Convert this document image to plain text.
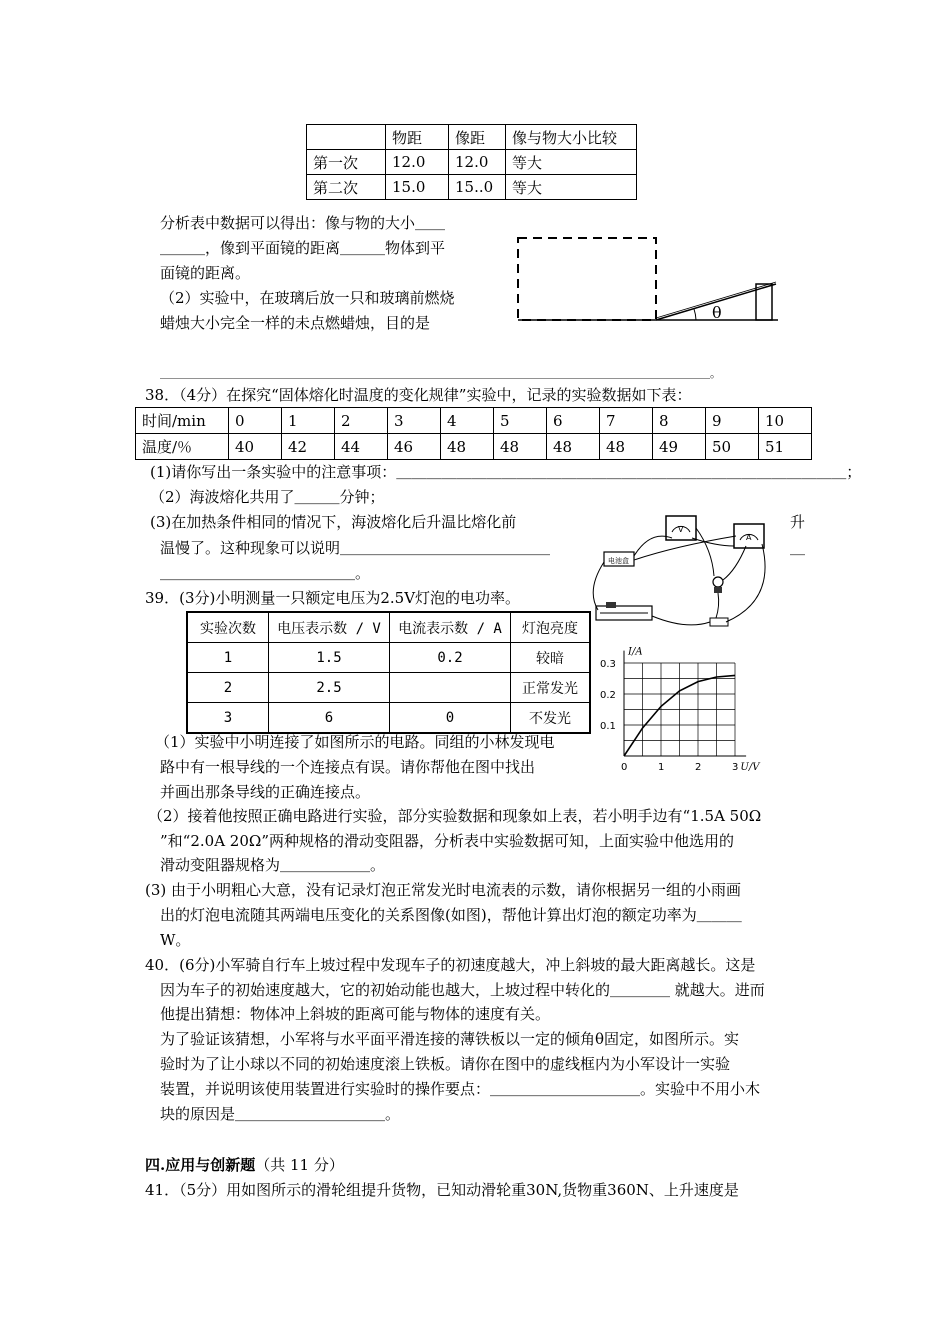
	物距	像距	像与物大小比较
第一次	12.0	12.0	等大
第二次	15.0	15..0	等大
分析表中数据可以得出：像与物的大小＿＿
＿＿＿，像到平面镜的距离＿＿＿物体到平
面镜的距离。
（2）实验中，在玻璃后放一只和玻璃前燃烧
蜡烛大小完全一样的未点燃蜡烛，目的是
＿＿＿＿＿＿＿＿＿＿＿＿＿＿＿＿＿＿＿＿＿＿＿＿＿＿＿＿＿＿＿＿＿＿＿＿＿＿＿＿＿＿＿＿＿＿＿＿＿＿。
θ
38．（4分）在探究“固体熔化时温度的变化规律”实验中，记录的实验数据如下表：
时间/min	0	1	2	3	4	5	6	7	8	9	10
温度/％	40	42	44	46	48	48	48	48	49	50	51
(1)请你写出一条实验中的注意事项：＿＿＿＿＿＿＿＿＿＿＿＿＿＿＿＿＿＿＿＿＿＿＿＿＿＿＿＿＿＿；
（2）海波熔化共用了＿＿＿分钟；
(3)在加热条件相同的情况下，海波熔化后升温比熔化前	升
温慢了。这种现象可以说明＿＿＿＿＿＿＿＿＿＿＿＿＿＿	＿
＿＿＿＿＿＿＿＿＿＿＿＿＿。
V
A
电池盒
39．(3分)小明测量一只额定电压为2.5V灯泡的电功率。
实验次数	电压表示数 / V	电流表示数 / A	灯泡亮度
1	1.5	0.2	较暗
2	2.5		正常发光
3	6	0	不发光
I/A
U/V
0	1	2	3
0.1
0.2
0.3
（1）实验中小明连接了如图所示的电路。同组的小林发现电
路中有一根导线的一个连接点有误。请你帮他在图中找出
并画出那条导线的正确连接点。
（2）接着他按照正确电路进行实验，部分实验数据和现象如上表，若小明手边有“1.5A 50Ω
”和“2.0A 20Ω”两种规格的滑动变阻器，分析表中实验数据可知，上面实验中他选用的
滑动变阻器规格为＿＿＿＿＿＿。
(3) 由于小明粗心大意，没有记录灯泡正常发光时电流表的示数，请你根据另一组的小雨画
出的灯泡电流随其两端电压变化的关系图像(如图)，帮他计算出灯泡的额定功率为＿＿＿
W。
40．(6分)小军骑自行车上坡过程中发现车子的初速度越大，冲上斜坡的最大距离越长。这是
因为车子的初始速度越大，它的初始动能也越大，上坡过程中转化的＿＿＿＿ 就越大。进而
他提出猜想：物体冲上斜坡的距离可能与物体的速度有关。
为了验证该猜想，小军将与水平面平滑连接的薄铁板以一定的倾角θ固定，如图所示。实
验时为了让小球以不同的初始速度滚上铁板。请你在图中的虚线框内为小军设计一实验
装置，并说明该使用装置进行实验时的操作要点：＿＿＿＿＿＿＿＿＿＿。实验中不用小木
块的原因是＿＿＿＿＿＿＿＿＿＿。
四.应用与创新题（共 11 分）
41．（5分）用如图所示的滑轮组提升货物，已知动滑轮重30N,货物重360N、上升速度是
